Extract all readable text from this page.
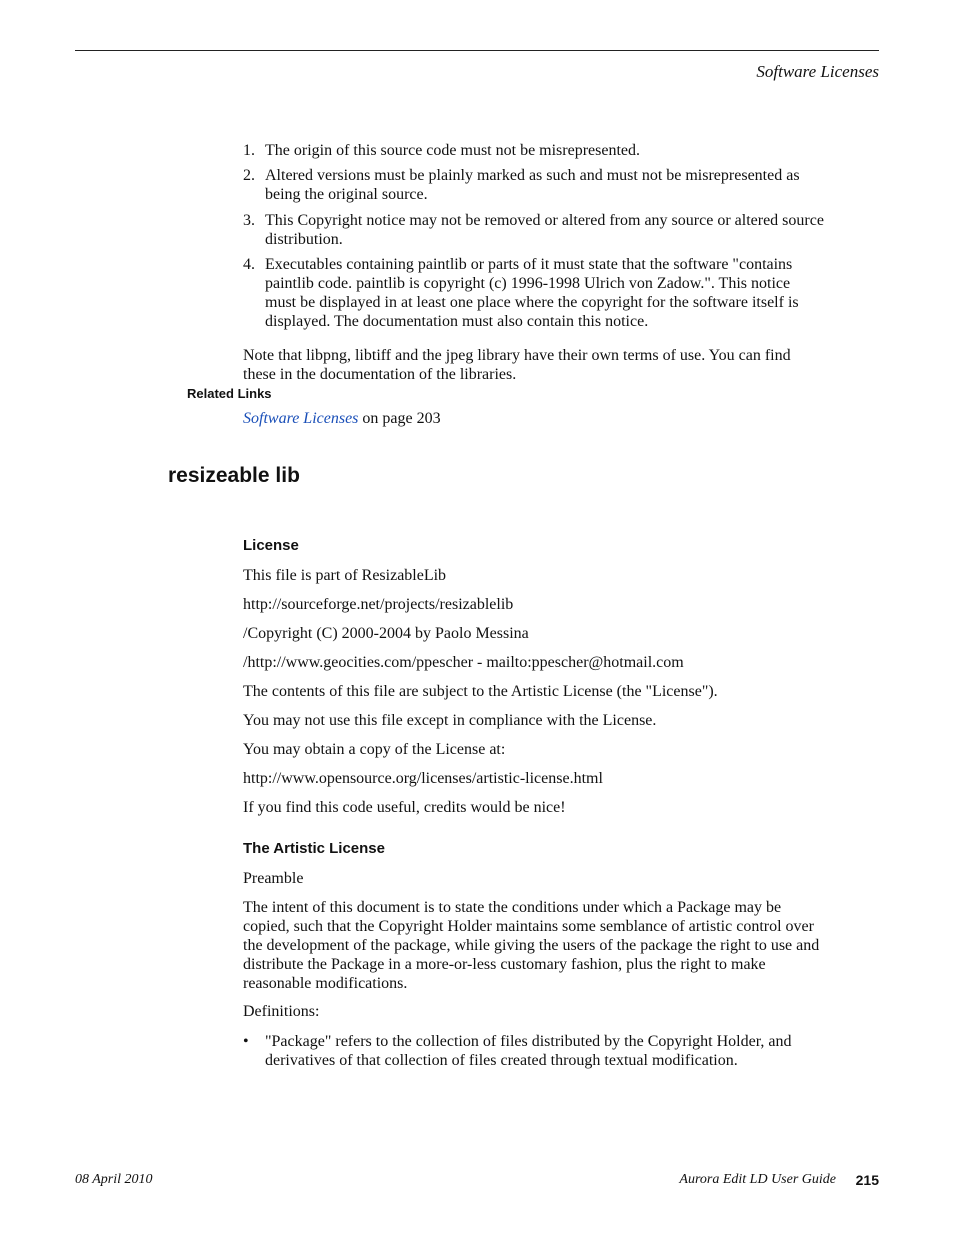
Software Licenses
1. The origin of this source code must not be misrepresented.
2. Altered versions must be plainly marked as such and must not be misrepresented as being the original source.
3. This Copyright notice may not be removed or altered from any source or altered source distribution.
4. Executables containing paintlib or parts of it must state that the software "contains paintlib code. paintlib is copyright (c) 1996-1998 Ulrich von Zadow.". This notice must be displayed in at least one place where the copyright for the software itself is displayed. The documentation must also contain this notice.
Note that libpng, libtiff and the jpeg library have their own terms of use. You can find these in the documentation of the libraries.
Related Links
Software Licenses on page 203
resizeable lib
License
This file is part of ResizableLib
http://sourceforge.net/projects/resizablelib
/Copyright (C) 2000-2004 by Paolo Messina
/http://www.geocities.com/ppescher - mailto:ppescher@hotmail.com
The contents of this file are subject to the Artistic License (the "License").
You may not use this file except in compliance with the License.
You may obtain a copy of the License at:
http://www.opensource.org/licenses/artistic-license.html
If you find this code useful, credits would be nice!
The Artistic License
Preamble
The intent of this document is to state the conditions under which a Package may be copied, such that the Copyright Holder maintains some semblance of artistic control over the development of the package, while giving the users of the package the right to use and distribute the Package in a more-or-less customary fashion, plus the right to make reasonable modifications.
Definitions:
• "Package" refers to the collection of files distributed by the Copyright Holder, and derivatives of that collection of files created through textual modification.
08 April 2010	Aurora Edit LD User Guide 215
